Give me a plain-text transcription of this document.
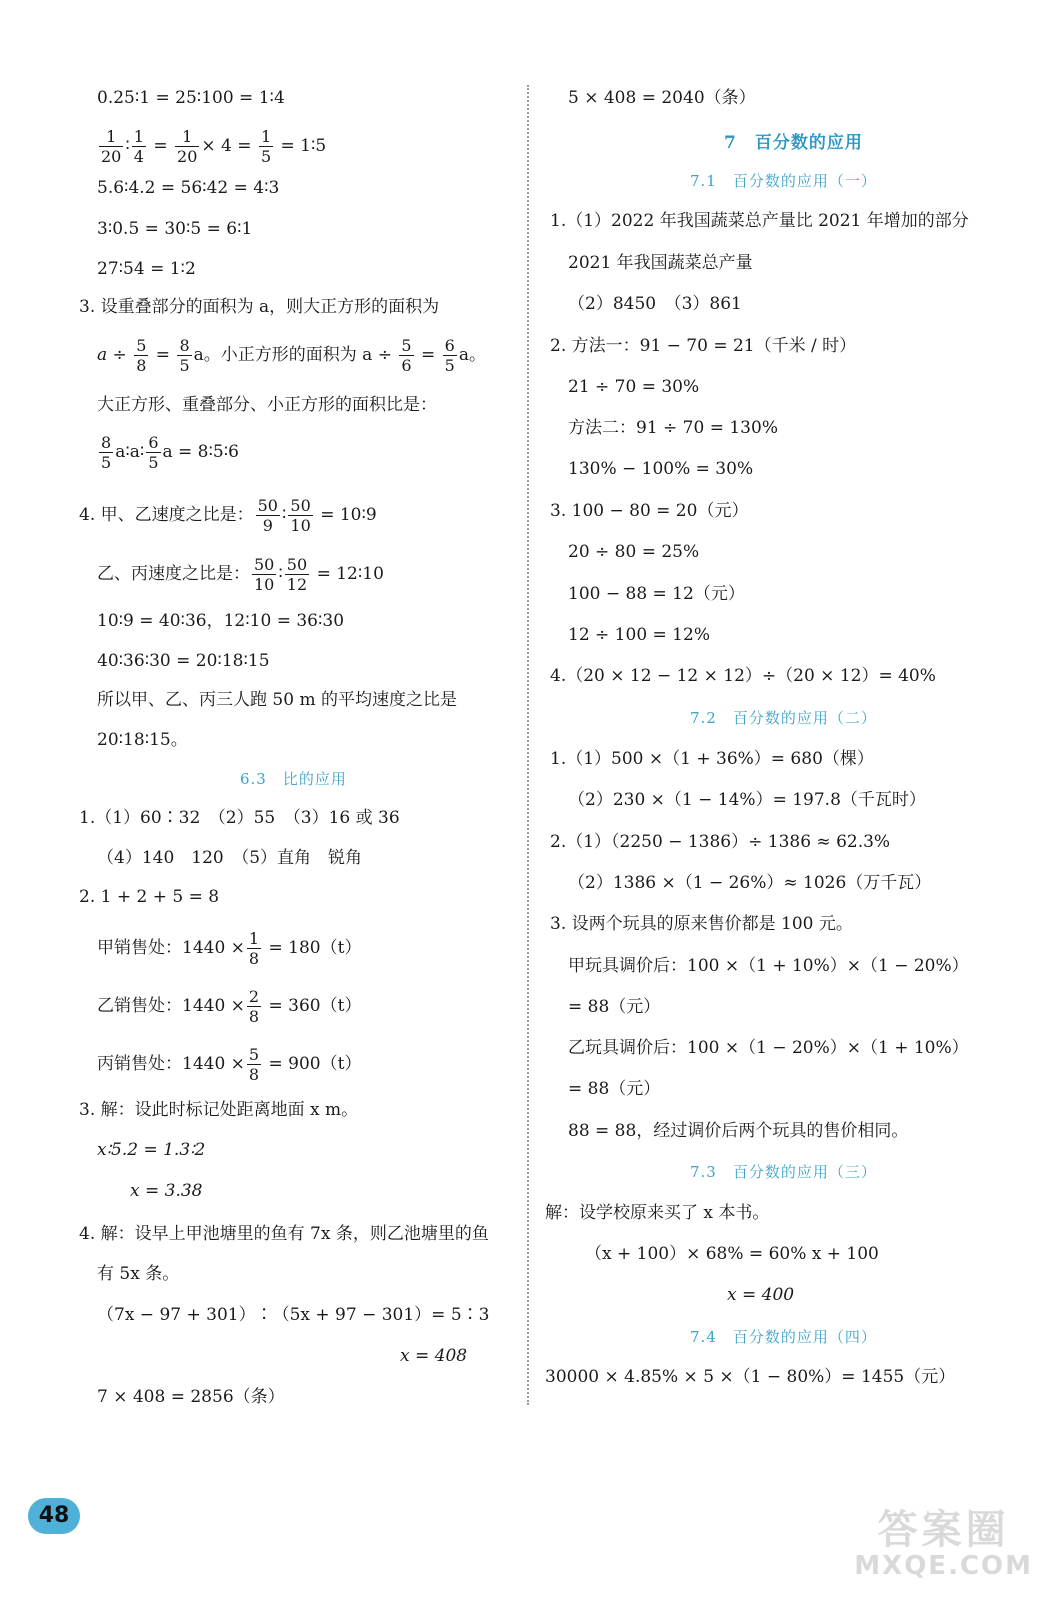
0.25∶1 = 25∶100 = 1∶4
$\frac{1}{20}$ ∶ $\frac{1}{4} = \frac{1}{20} \times 4 = \frac{1}{5}$ = 1∶5
5.6∶4.2 = 56∶42 = 4∶3
3∶0.5 = 30∶5 = 6∶1
27∶54 = 1∶2
3. 设重叠部分的面积为 a，则大正方形的面积为
$a \div \frac{5}{8} = \frac{8}{5}$ a。小正方形的面积为 $a \div \frac{5}{6} = \frac{6}{5}$ a。
大正方形、重叠部分、小正方形的面积比是：
$\frac{8}{5}$ a∶a∶ $\frac{6}{5}$ a = 8∶5∶6
4. 甲、乙速度之比是： $\frac{50}{9}$ ∶ $\frac{50}{10}$ = 10∶9
乙、丙速度之比是： $\frac{50}{10}$ ∶ $\frac{50}{12}$ = 12∶10
10∶9 = 40∶36，12∶10 = 36∶30
40∶36∶30 = 20∶18∶15
所以甲、乙、丙三人跑 50 m 的平均速度之比是
20∶18∶15。
6.3　比的应用
1.（1）60∶32　（2）55　（3）16 或 36
（4）140　120　（5）直角　锐角
2. 1 + 2 + 5 = 8
甲销售处：$1440 \times \frac{1}{8} = 180(t)$
乙销售处：$1440 \times \frac{2}{8} = 360(t)$
丙销售处：$1440 \times \frac{5}{8} = 900(t)$
3. 解：设此时标记处距离地面 x m。
x∶5.2 = 1.3∶2
x = 3.38
4. 解：设早上甲池塘里的鱼有 7x 条，则乙池塘里的鱼
有 5x 条。
（7x − 97 + 301）∶（5x + 97 − 301）= 5∶3
x = 408
7 × 408 = 2856（条）
5 × 408 = 2040（条）
7　百分数的应用
7.1　百分数的应用（一）
1.（1）2022 年我国蔬菜总产量比 2021 年增加的部分
2021 年我国蔬菜总产量
（2）8450　（3）861
2. 方法一：91 − 70 = 21（千米 / 时）
21 ÷ 70 = 30%
方法二：91 ÷ 70 = 130%
130% − 100% = 30%
3. 100 − 80 = 20（元）
20 ÷ 80 = 25%
100 − 88 = 12（元）
12 ÷ 100 = 12%
4.（20 × 12 − 12 × 12）÷（20 × 12）= 40%
7.2　百分数的应用（二）
1.（1）500 ×（1 + 36%）= 680（棵）
（2）230 ×（1 − 14%）= 197.8（千瓦时）
2.（1）（2250 − 1386）÷ 1386 ≈ 62.3%
（2）1386 ×（1 − 26%）≈ 1026（万千瓦）
3. 设两个玩具的原来售价都是 100 元。
甲玩具调价后：100 ×（1 + 10%）×（1 − 20%）
= 88（元）
乙玩具调价后：100 ×（1 − 20%）×（1 + 10%）
= 88（元）
88 = 88，经过调价后两个玩具的售价相同。
7.3　百分数的应用（三）
解：设学校原来买了 x 本书。
（x + 100）× 68% = 60% x + 100
x = 400
7.4　百分数的应用（四）
30000 × 4.85% × 5 ×（1 − 80%）= 1455（元）
48	答案圈
MXQE.COM
